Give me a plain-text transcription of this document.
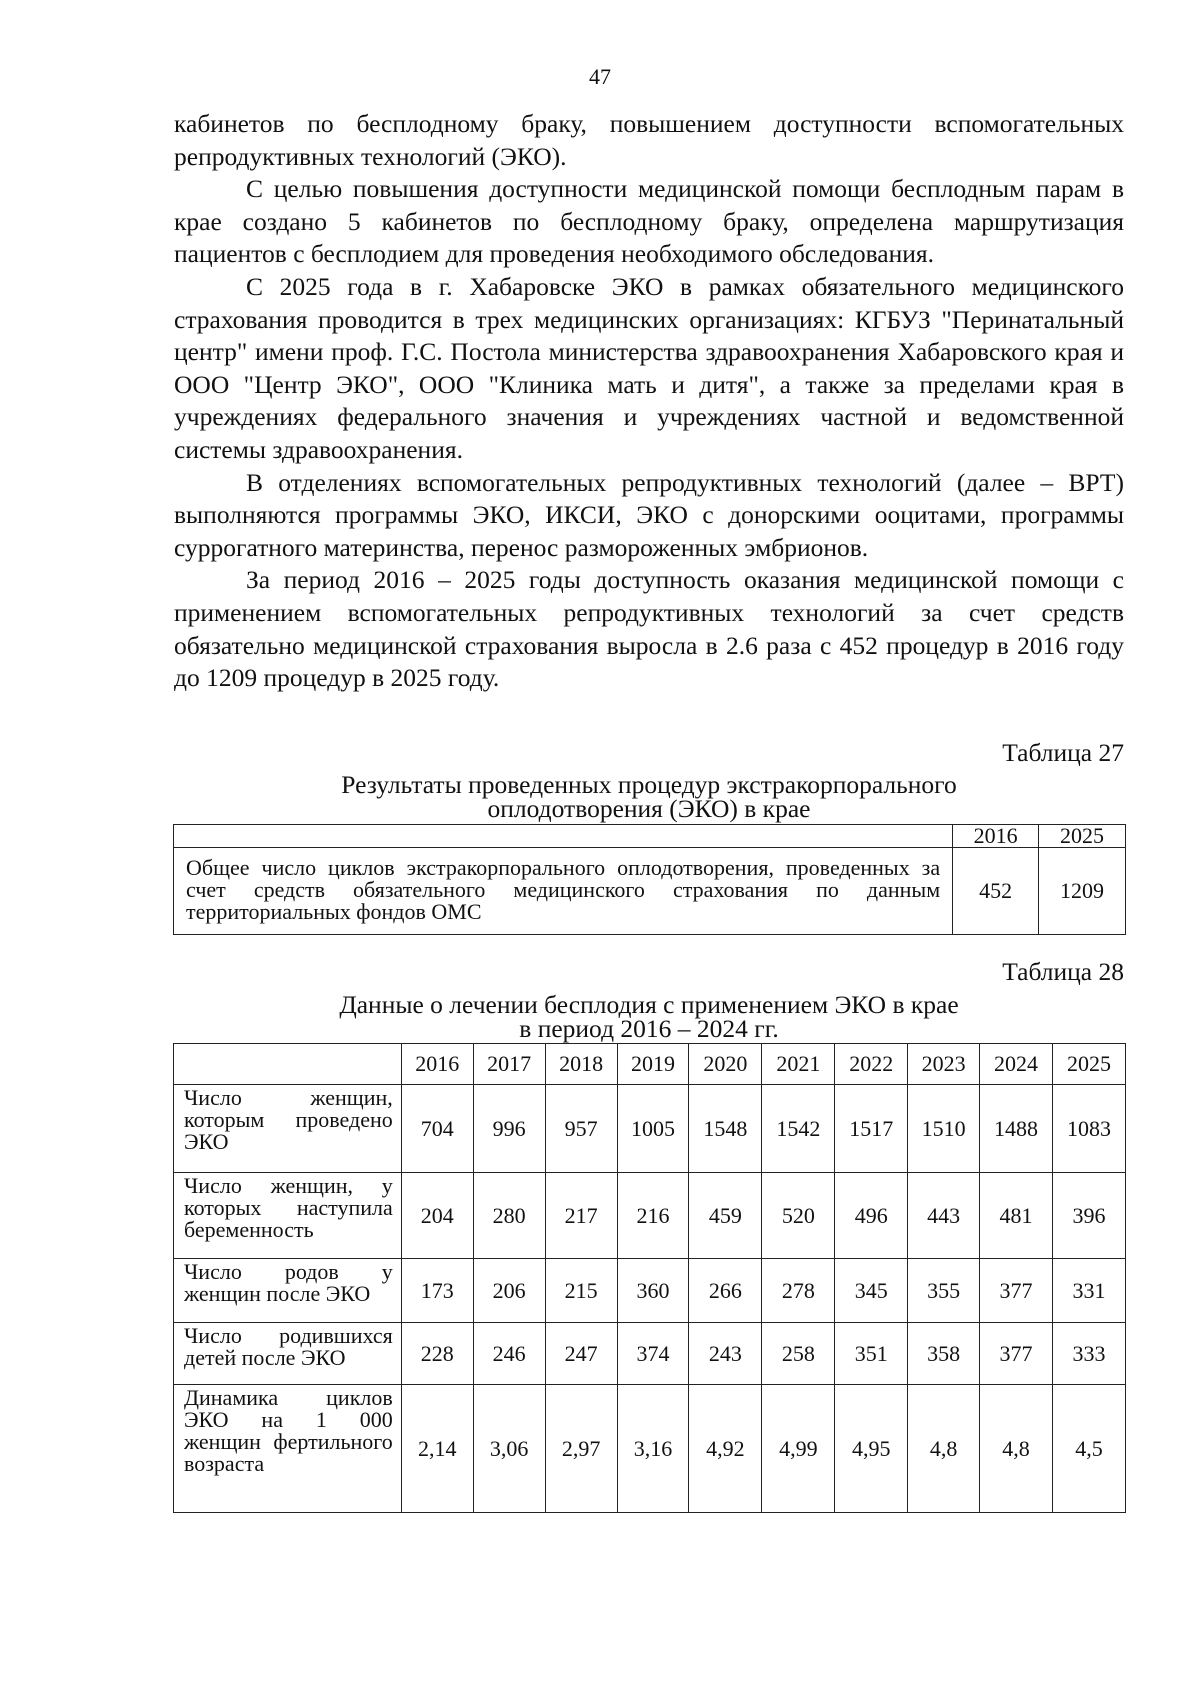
47

кабинетов по бесплодному браку, повышением доступности вспомогательных репродуктивных технологий (ЭКО).

С целью повышения доступности медицинской помощи бесплодным парам в крае создано 5 кабинетов по бесплодному браку, определена маршрутизация пациентов с бесплодием для проведения необходимого обследования.

С 2025 года в г. Хабаровске ЭКО в рамках обязательного медицинского страхования проводится в трех медицинских организациях: КГБУЗ "Перинатальный центр" имени проф. Г.С. Постола министерства здравоохранения Хабаровского края и ООО "Центр ЭКО", ООО "Клиника мать и дитя", а также за пределами края в учреждениях федерального значения и учреждениях частной и ведомственной системы здравоохранения.

В отделениях вспомогательных репродуктивных технологий (далее – ВРТ) выполняются программы ЭКО, ИКСИ, ЭКО с донорскими ооцитами, программы суррогатного материнства, перенос размороженных эмбрионов.

За период 2016 – 2025 годы доступность оказания медицинской помощи с применением вспомогательных репродуктивных технологий за счет средств обязательно медицинской страхования выросла в 2.6 раза с 452 процедур в 2016 году до 1209 процедур в 2025 году.

Таблица 27
Результаты проведенных процедур экстракорпорального
оплодотворения (ЭКО) в крае
	2016	2025
Общее число циклов экстракорпорального оплодотворения, проведенных за счет средств обязательного медицинского страхования по данным территориальных фондов ОМС	452	1209
Таблица 28
Данные о лечении бесплодия с применением ЭКО в крае
в период 2016 – 2024 гг.
	2016	2017	2018	2019	2020	2021	2022	2023	2024	2025
Число женщин, которым проведено ЭКО	704	996	957	1005	1548	1542	1517	1510	1488	1083
Число женщин, у которых наступила беременность	204	280	217	216	459	520	496	443	481	396
Число родов у женщин после ЭКО	173	206	215	360	266	278	345	355	377	331
Число родившихся детей после ЭКО	228	246	247	374	243	258	351	358	377	333
Динамика циклов ЭКО на 1 000 женщин фертильного возраста	2,14	3,06	2,97	3,16	4,92	4,99	4,95	4,8	4,8	4,5
